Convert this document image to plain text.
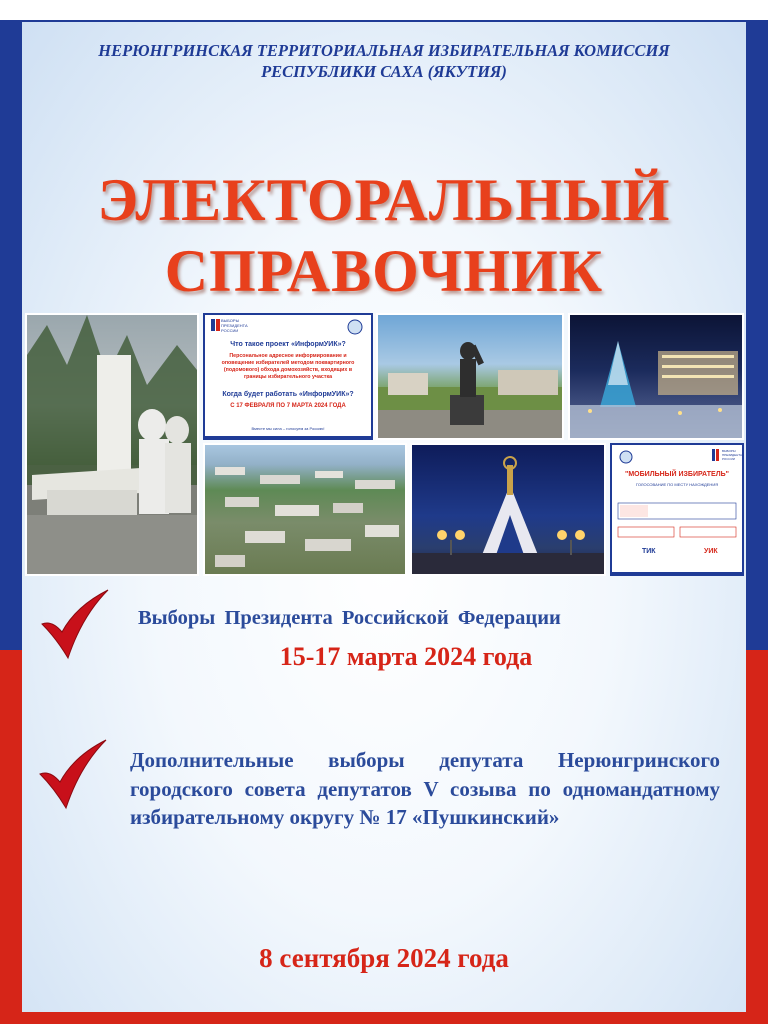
НЕРЮНГРИНСКАЯ ТЕРРИТОРИАЛЬНАЯ ИЗБИРАТЕЛЬНАЯ КОМИССИЯ
РЕСПУБЛИКИ САХА (ЯКУТИЯ)
ЭЛЕКТОРАЛЬНЫЙ
СПРАВОЧНИК
ВЫБОРЫ ПРЕЗИДЕНТА РОССИИ
Что такое проект «ИнформУИК»?
Персональное адресное информирование и оповещение избирателей методом поквартирного (подомового) обхода домохозяйств, входящих в границы избирательного участка
Когда будет работать «ИнформУИК»?
С 17 ФЕВРАЛЯ ПО 7 МАРТА 2024 ГОДА
Вместе мы сила – голосуем за Россию!
ВЫБОРЫ ПРЕЗИДЕНТА РОССИИ
"МОБИЛЬНЫЙ ИЗБИРАТЕЛЬ"
ГОЛОСОВАНИЕ ПО МЕСТУ НАХОЖДЕНИЯ
ТИК	УИК
Выборы Президента Российской Федерации
15-17 марта 2024 года
Дополнительные выборы депутата Нерюнгринского городского совета депутатов V созыва по одномандатному избирательному округу № 17 «Пушкинский»
8 сентября 2024 года
